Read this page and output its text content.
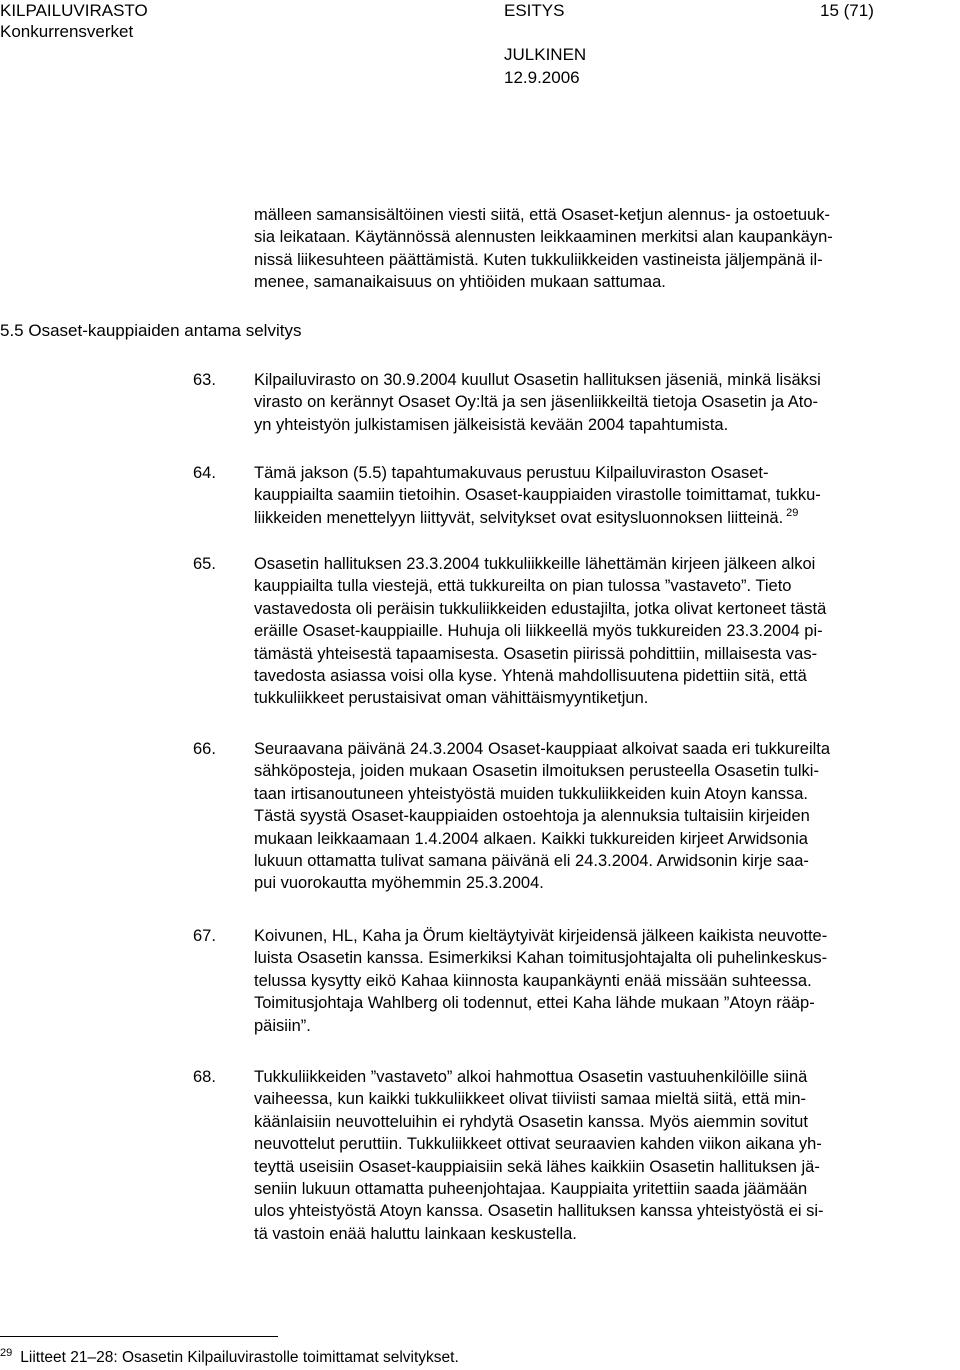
KILPAILUVIRASTO
Konkurrensverket
ESITYS	15 (71)
JULKINEN
12.9.2006
mälleen samansisältöinen viesti siitä, että Osaset-ketjun alennus- ja ostoetuuk-
sia leikataan. Käytännössä alennusten leikkaaminen merkitsi alan kaupankäyn-
nissä liikesuhteen päättämistä. Kuten tukkuliikkeiden vastineista jäljempänä il-
menee, samanaikaisuus on yhtiöiden mukaan sattumaa.
5.5 Osaset-kauppiaiden antama selvitys
63. Kilpailuvirasto on 30.9.2004 kuullut Osasetin hallituksen jäseniä, minkä lisäksi
virasto on kerännyt Osaset Oy:ltä ja sen jäsenliikkeiltä tietoja Osasetin ja Ato-
yn yhteistyön julkistamisen jälkeisistä kevään 2004 tapahtumista.
64. Tämä jakson (5.5) tapahtumakuvaus perustuu Kilpailuviraston Osaset-
kauppiailta saamiin tietoihin. Osaset-kauppiaiden virastolle toimittamat, tukku-
liikkeiden menettelyyn liittyvät, selvitykset ovat esitysluonnoksen liitteinä. $^{29}$
65. Osasetin hallituksen 23.3.2004 tukkuliikkeille lähettämän kirjeen jälkeen alkoi
kauppiailta tulla viestejä, että tukkureilta on pian tulossa ”vastaveto”. Tieto
vastavedosta oli peräisin tukkuliikkeiden edustajilta, jotka olivat kertoneet tästä
eräille Osaset-kauppiaille. Huhuja oli liikkeellä myös tukkureiden 23.3.2004 pi-
tämästä yhteisestä tapaamisesta. Osasetin piirissä pohdittiin, millaisesta vas-
tavedosta asiassa voisi olla kyse. Yhtenä mahdollisuutena pidettiin sitä, että
tukkuliikkeet perustaisivat oman vähittäismyyntiketjun.
66. Seuraavana päivänä 24.3.2004 Osaset-kauppiaat alkoivat saada eri tukkureilta
sähköposteja, joiden mukaan Osasetin ilmoituksen perusteella Osasetin tulki-
taan irtisanoutuneen yhteistyöstä muiden tukkuliikkeiden kuin Atoyn kanssa.
Tästä syystä Osaset-kauppiaiden ostoehtoja ja alennuksia tultaisiin kirjeiden
mukaan leikkaamaan 1.4.2004 alkaen. Kaikki tukkureiden kirjeet Arwidsonia
lukuun ottamatta tulivat samana päivänä eli 24.3.2004. Arwidsonin kirje saa-
pui vuorokautta myöhemmin 25.3.2004.
67. Koivunen, HL, Kaha ja Örum kieltäytyivät kirjeidensä jälkeen kaikista neuvotte-
luista Osasetin kanssa. Esimerkiksi Kahan toimitusjohtajalta oli puhelinkeskus-
telussa kysytty eikö Kahaa kiinnosta kaupankäynti enää missään suhteessa.
Toimitusjohtaja Wahlberg oli todennut, ettei Kaha lähde mukaan ”Atoyn rääp-
päisiin”.
68. Tukkuliikkeiden ”vastaveto” alkoi hahmottua Osasetin vastuuhenkilöille siinä
vaiheessa, kun kaikki tukkuliikkeet olivat tiiviisti samaa mieltä siitä, että min-
käänlaisiin neuvotteluihin ei ryhdytä Osasetin kanssa. Myös aiemmin sovitut
neuvottelut peruttiin. Tukkuliikkeet ottivat seuraavien kahden viikon aikana yh-
teyttä useisiin Osaset-kauppiaisiin sekä lähes kaikkiin Osasetin hallituksen jä-
seniin lukuun ottamatta puheenjohtajaa. Kauppiaita yritettiin saada jäämään
ulos yhteistyöstä Atoyn kanssa. Osasetin hallituksen kanssa yhteistyöstä ei si-
tä vastoin enää haluttu lainkaan keskustella.
$^{29}$ Liitteet 21–28: Osasetin Kilpailuvirastolle toimittamat selvitykset.
